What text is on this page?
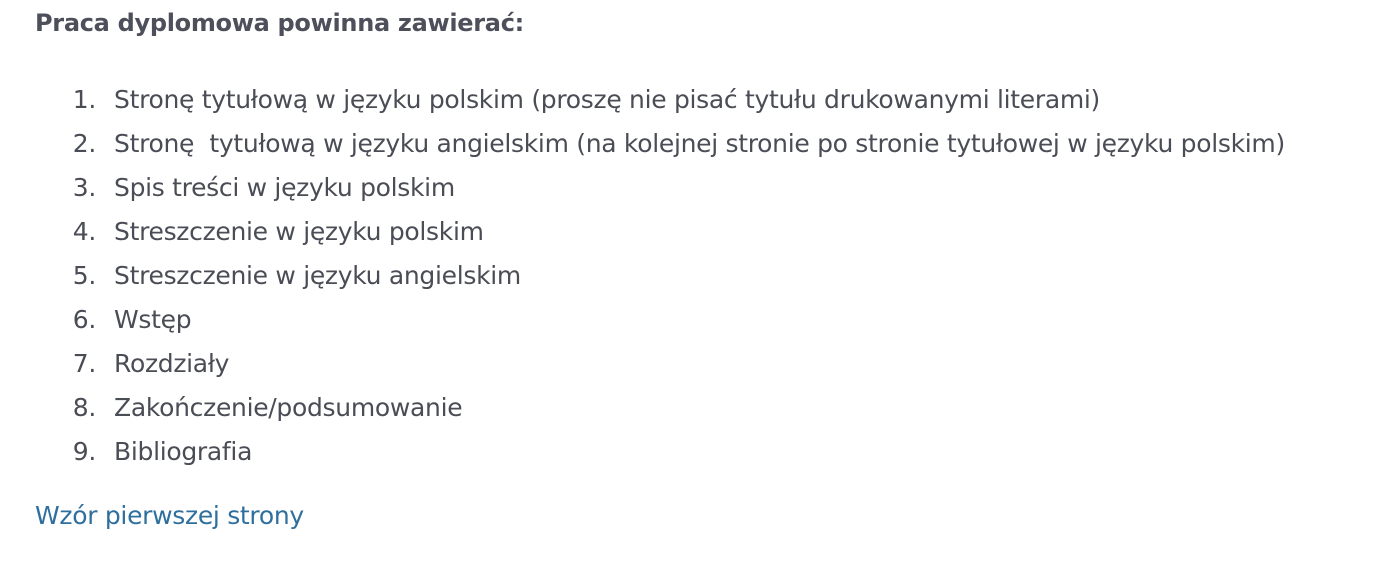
Praca dyplomowa powinna zawierać:
1. Stronę tytułową w języku polskim (proszę nie pisać tytułu drukowanymi literami)
2. Stronę  tytułową w języku angielskim (na kolejnej stronie po stronie tytułowej w języku polskim)
3. Spis treści w języku polskim
4. Streszczenie w języku polskim
5. Streszczenie w języku angielskim
6. Wstęp
7. Rozdziały
8. Zakończenie/podsumowanie
9. Bibliografia
Wzór pierwszej strony
